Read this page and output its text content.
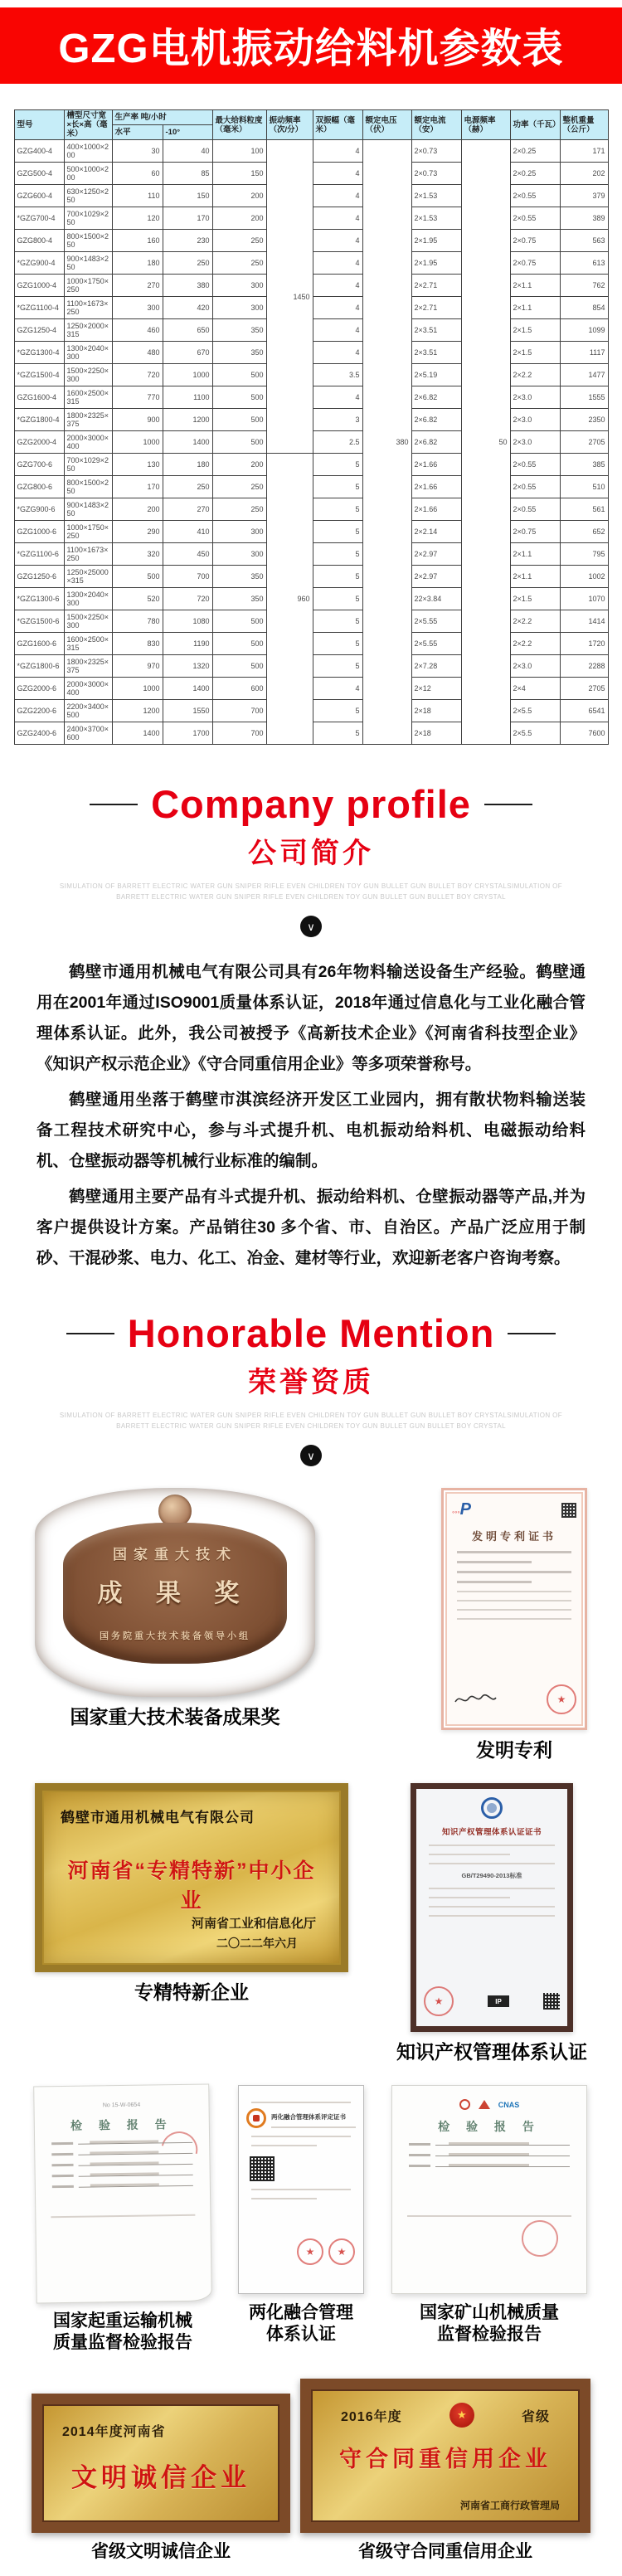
GZG电机振动给料机参数表
型号	槽型尺寸宽×长×高（毫米）	生产率 吨/小时		最大给料粒度（毫米）	振动频率（次/分）	双振幅（毫米）	额定电压（伏）	额定电流（安）	电源频率（赫）	功率（千瓦）	整机重量（公斤）
		水平	-10°								
GZG400-4	400×1000×200	30	40	100	1450	4	380	2×0.73	50	2×0.25	171
GZG500-4	500×1000×200	60	85	150		4		2×0.73		2×0.25	202
GZG600-4	630×1250×250	110	150	200		4		2×1.53		2×0.55	379
*GZG700-4	700×1029×250	120	170	200		4		2×1.53		2×0.55	389
GZG800-4	800×1500×250	160	230	250		4		2×1.95		2×0.75	563
*GZG900-4	900×1483×250	180	250	250		4		2×1.95		2×0.75	613
GZG1000-4	1000×1750×250	270	380	300		4		2×2.71		2×1.1	762
*GZG1100-4	1100×1673×250	300	420	300		4		2×2.71		2×1.1	854
GZG1250-4	1250×2000×315	460	650	350		4		2×3.51		2×1.5	1099
*GZG1300-4	1300×2040×300	480	670	350		4		2×3.51		2×1.5	1117
*GZG1500-4	1500×2250×300	720	1000	500		3.5		2×5.19		2×2.2	1477
GZG1600-4	1600×2500×315	770	1100	500		4		2×6.82		2×3.0	1555
*GZG1800-4	1800×2325×375	900	1200	500		3		2×6.82		2×3.0	2350
GZG2000-4	2000×3000×400	1000	1400	500		2.5		2×6.82		2×3.0	2705
GZG700-6	700×1029×250	130	180	200	960	5		2×1.66		2×0.55	385
GZG800-6	800×1500×250	170	250	250		5		2×1.66		2×0.55	510
*GZG900-6	900×1483×250	200	270	250		5		2×1.66		2×0.55	561
GZG1000-6	1000×1750×250	290	410	300		5		2×2.14		2×0.75	652
*GZG1100-6	1100×1673×250	320	450	300		5		2×2.97		2×1.1	795
GZG1250-6	1250×25000×315	500	700	350		5		2×2.97		2×1.1	1002
*GZG1300-6	1300×2040×300	520	720	350		5		22×3.84		2×1.5	1070
*GZG1500-6	1500×2250×300	780	1080	500		5		2×5.55		2×2.2	1414
GZG1600-6	1600×2500×315	830	1190	500		5		2×5.55		2×2.2	1720
*GZG1800-6	1800×2325×375	970	1320	500		5		2×7.28		2×3.0	2288
GZG2000-6	2000×3000×400	1000	1400	600		4		2×12		2×4	2705
GZG2200-6	2200×3400×500	1200	1550	700		5		2×18		2×5.5	6541
GZG2400-6	2400×3700×600	1400	1700	700		5		2×18		2×5.5	7600
Company profile
公司简介
SIMULATION OF BARRETT ELECTRIC WATER GUN SNIPER RIFLE EVEN CHILDREN TOY GUN BULLET GUN BULLET BOY CRYSTALSIMULATION OF BARRETT ELECTRIC WATER GUN SNIPER RIFLE EVEN CHILDREN TOY GUN BULLET GUN BULLET BOY CRYSTAL
∨

鹤壁市通用机械电气有限公司具有26年物料输送设备生产经验。鹤壁通用在2001年通过ISO9001质量体系认证，2018年通过信息化与工业化融合管理体系认证。此外，我公司被授予《高新技术企业》《河南省科技型企业》《知识产权示范企业》《守合同重信用企业》等多项荣誉称号。

鹤壁通用坐落于鹤壁市淇滨经济开发区工业园内，拥有散状物料输送装备工程技术研究中心，参与斗式提升机、电机振动给料机、电磁振动给料机、仓壁振动器等机械行业标准的编制。

鹤壁通用主要产品有斗式提升机、振动给料机、仓壁振动器等产品,并为客户提供设计方案。产品销往30 多个省、市、自治区。产品广泛应用于制砂、干混砂浆、电力、化工、冶金、建材等行业，欢迎新老客户咨询考察。

Honorable Mention
荣誉资质
SIMULATION OF BARRETT ELECTRIC WATER GUN SNIPER RIFLE EVEN CHILDREN TOY GUN BULLET GUN BULLET BOY CRYSTALSIMULATION OF BARRETT ELECTRIC WATER GUN SNIPER RIFLE EVEN CHILDREN TOY GUN BULLET GUN BULLET BOY CRYSTAL
∨
国家重大技术
成 果 奖
国务院重大技术装备领导小组
国家重大技术装备成果奖
◦◦◦P
发明专利证书
★
发明专利
鹤壁市通用机械电气有限公司
河南省“专精特新”中小企业
河南省工业和信息化厅
二〇二二年六月
专精特新企业
知识产权管理体系认证证书
GB/T29490-2013标准
★	IP
知识产权管理体系认证
No 15-W-0654
检 验 报 告
国家起重运输机械
质量监督检验报告
两化融合管理体系评定证书
★	★
两化融合管理
体系认证
CNAS
检 验 报 告
国家矿山机械质量
监督检验报告
2014年度河南省
文明诚信企业
省级文明诚信企业
2016年度	★	省级
守合同重信用企业
河南省工商行政管理局
省级守合同重信用企业
